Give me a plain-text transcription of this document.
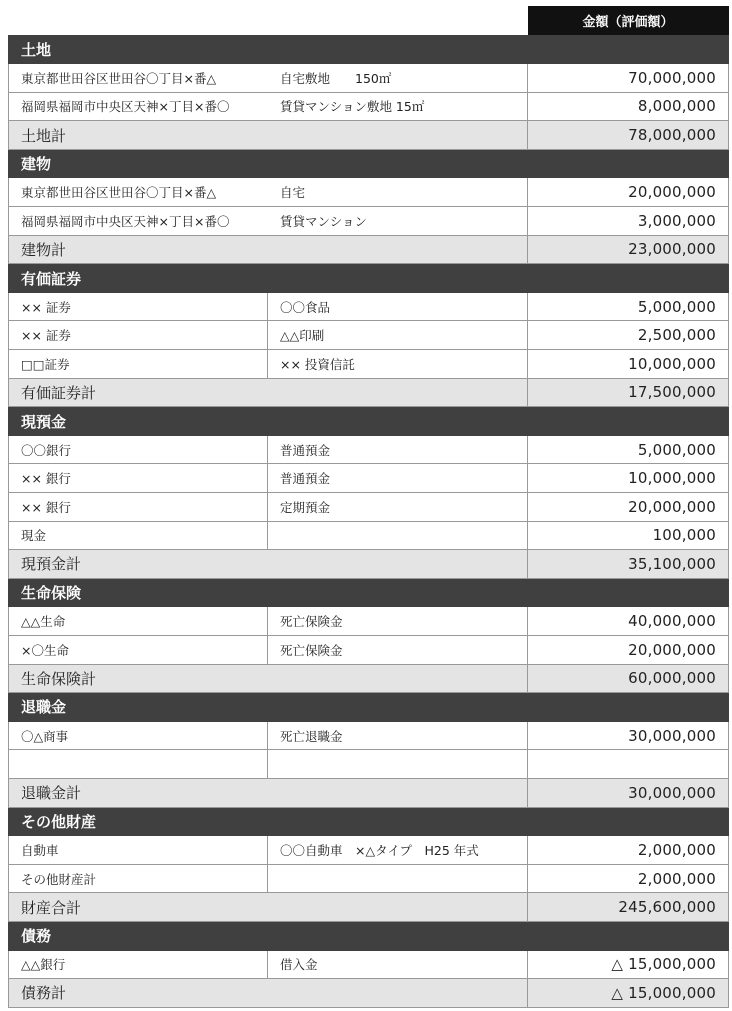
		金額（評価額）
土地		
東京都世田谷区世田谷〇丁目×番△ 自宅敷地　　150㎡		70,000,000
福岡県福岡市中央区天神×丁目×番〇 賃貸マンション敷地 15㎡		8,000,000
土地計		78,000,000
建物		
東京都世田谷区世田谷〇丁目×番△ 自宅		20,000,000
福岡県福岡市中央区天神×丁目×番〇 賃貸マンション		3,000,000
建物計		23,000,000
有価証券		
×× 証券	〇〇食品	5,000,000
×× 証券	△△印刷	2,500,000
□□証券	×× 投資信託	10,000,000
有価証券計		17,500,000
現預金		
〇〇銀行	普通預金	5,000,000
×× 銀行	普通預金	10,000,000
×× 銀行	定期預金	20,000,000
現金		100,000
現預金計		35,100,000
生命保険		
△△生命	死亡保険金	40,000,000
×〇生命	死亡保険金	20,000,000
生命保険計		60,000,000
退職金		
〇△商事	死亡退職金	30,000,000

退職金計		30,000,000
その他財産		
自動車	〇〇自動車　×△タイプ　H25 年式	2,000,000
その他財産計		2,000,000
財産合計		245,600,000
債務		
△△銀行	借入金	△ 15,000,000
債務計		△ 15,000,000
